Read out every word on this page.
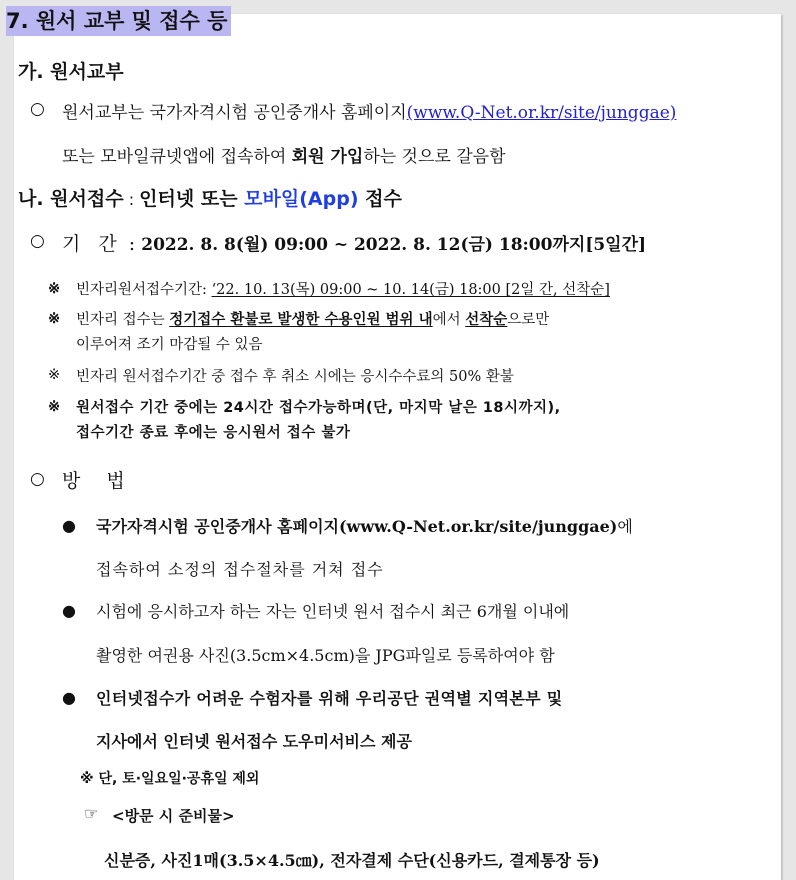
7. 원서 교부 및 접수 등
가. 원서교부
○ 원서교부는 국가자격시험 공인중개사 홈페이지(www.Q-Net.or.kr/site/junggae)
또는 모바일큐넷앱에 접속하여 회원 가입하는 것으로 갈음함
나. 원서접수 : 인터넷 또는 모바일(App) 접수
○ 기 간 : 2022. 8. 8(월) 09:00 ~ 2022. 8. 12(금) 18:00까지[5일간]
※ 빈자리원서접수기간: ‘22. 10. 13(목) 09:00 ~ 10. 14(금) 18:00 [2일 간, 선착순]
※ 빈자리 접수는 정기접수 환불로 발생한 수용인원 범위 내에서 선착순으로만
이루어져 조기 마감될 수 있음
※ 빈자리 원서접수기간 중 접수 후 취소 시에는 응시수수료의 50% 환불
※ 원서접수 기간 중에는 24시간 접수가능하며(단, 마지막 날은 18시까지),
접수기간 종료 후에는 응시원서 접수 불가
○ 방 법
● 국가자격시험 공인중개사 홈페이지(www.Q-Net.or.kr/site/junggae)에
접속하여 소정의 접수절차를 거쳐 접수
● 시험에 응시하고자 하는 자는 인터넷 원서 접수시 최근 6개월 이내에
촬영한 여권용 사진(3.5cm×4.5cm)을 JPG파일로 등록하여야 함
● 인터넷접수가 어려운 수험자를 위해 우리공단 권역별 지역본부 및
지사에서 인터넷 원서접수 도우미서비스 제공
※ 단, 토·일요일·공휴일 제외
☞ <방문 시 준비물>
신분증, 사진1매(3.5×4.5㎝), 전자결제 수단(신용카드, 결제통장 등)
